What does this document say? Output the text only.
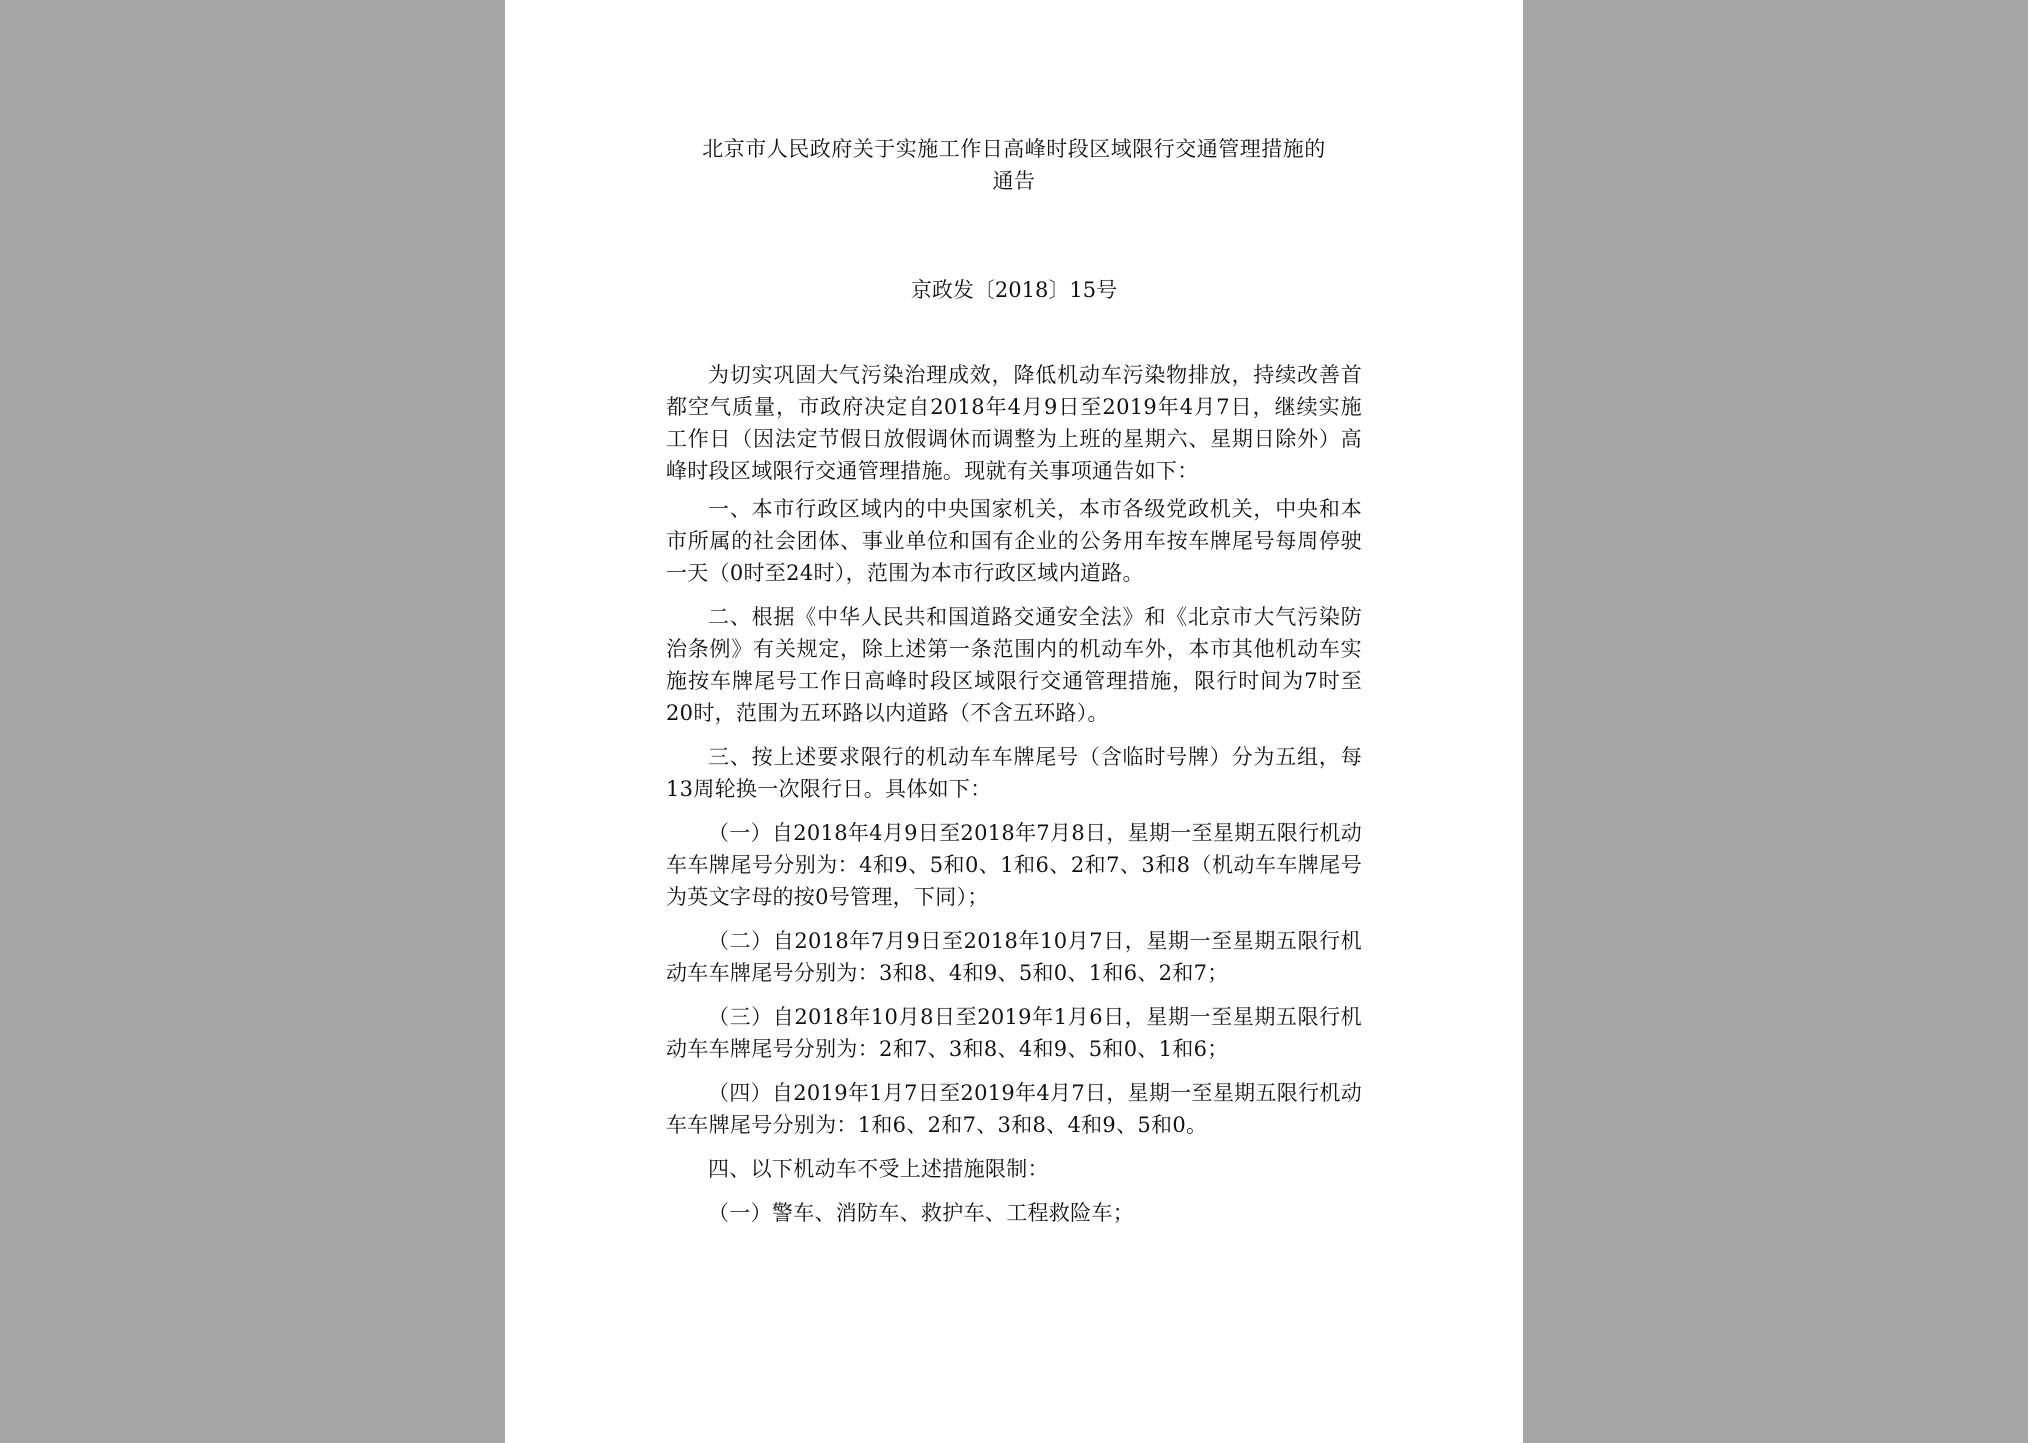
北京市人民政府关于实施工作日高峰时段区域限行交通管理措施的
通告

京政发〔2018〕15号

为切实巩固大气污染治理成效，降低机动车污染物排放，持续改善首都空气质量，市政府决定自2018年4月9日至2019年4月7日，继续实施工作日（因法定节假日放假调休而调整为上班的星期六、星期日除外）高峰时段区域限行交通管理措施。现就有关事项通告如下：

一、本市行政区域内的中央国家机关，本市各级党政机关，中央和本市所属的社会团体、事业单位和国有企业的公务用车按车牌尾号每周停驶一天（0时至24时），范围为本市行政区域内道路。

二、根据《中华人民共和国道路交通安全法》和《北京市大气污染防治条例》有关规定，除上述第一条范围内的机动车外，本市其他机动车实施按车牌尾号工作日高峰时段区域限行交通管理措施，限行时间为7时至20时，范围为五环路以内道路（不含五环路）。

三、按上述要求限行的机动车车牌尾号（含临时号牌）分为五组，每13周轮换一次限行日。具体如下：

（一）自2018年4月9日至2018年7月8日，星期一至星期五限行机动车车牌尾号分别为：4和9、5和0、1和6、2和7、3和8（机动车车牌尾号为英文字母的按0号管理，下同）；

（二）自2018年7月9日至2018年10月7日，星期一至星期五限行机动车车牌尾号分别为：3和8、4和9、5和0、1和6、2和7；

（三）自2018年10月8日至2019年1月6日，星期一至星期五限行机动车车牌尾号分别为：2和7、3和8、4和9、5和0、1和6；

（四）自2019年1月7日至2019年4月7日，星期一至星期五限行机动车车牌尾号分别为：1和6、2和7、3和8、4和9、5和0。

四、以下机动车不受上述措施限制：

（一）警车、消防车、救护车、工程救险车；
